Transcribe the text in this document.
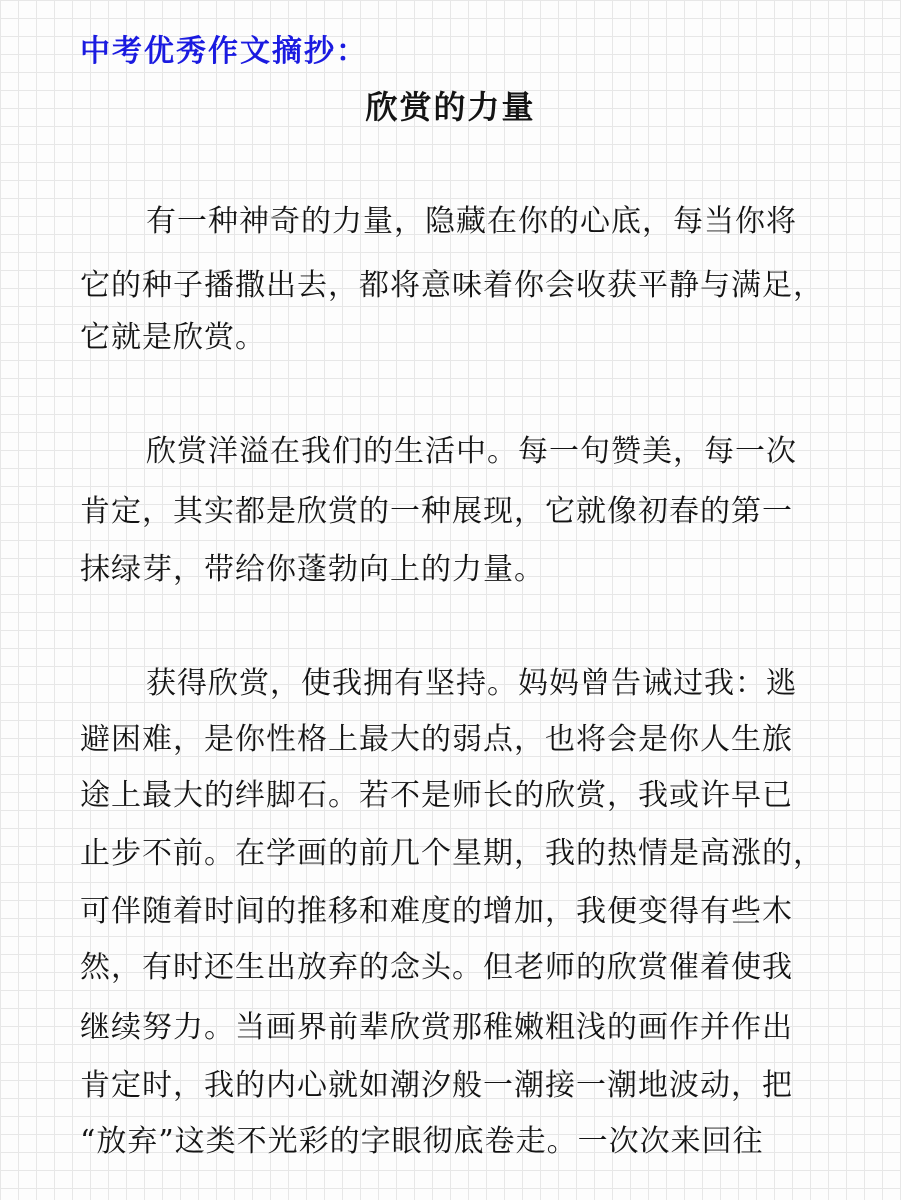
中考优秀作文摘抄：
欣赏的力量
有一种神奇的力量，隐藏在你的心底，每当你将
它的种子播撒出去，都将意味着你会收获平静与满足，
它就是欣赏。
欣赏洋溢在我们的生活中。每一句赞美，每一次
肯定，其实都是欣赏的一种展现，它就像初春的第一
抹绿芽，带给你蓬勃向上的力量。
获得欣赏，使我拥有坚持。妈妈曾告诫过我：逃
避困难，是你性格上最大的弱点，也将会是你人生旅
途上最大的绊脚石。若不是师长的欣赏，我或许早已
止步不前。在学画的前几个星期，我的热情是高涨的，
可伴随着时间的推移和难度的增加，我便变得有些木
然，有时还生出放弃的念头。但老师的欣赏催着使我
继续努力。当画界前辈欣赏那稚嫩粗浅的画作并作出
肯定时，我的内心就如潮汐般一潮接一潮地波动，把
“放弃”这类不光彩的字眼彻底卷走。一次次来回往
